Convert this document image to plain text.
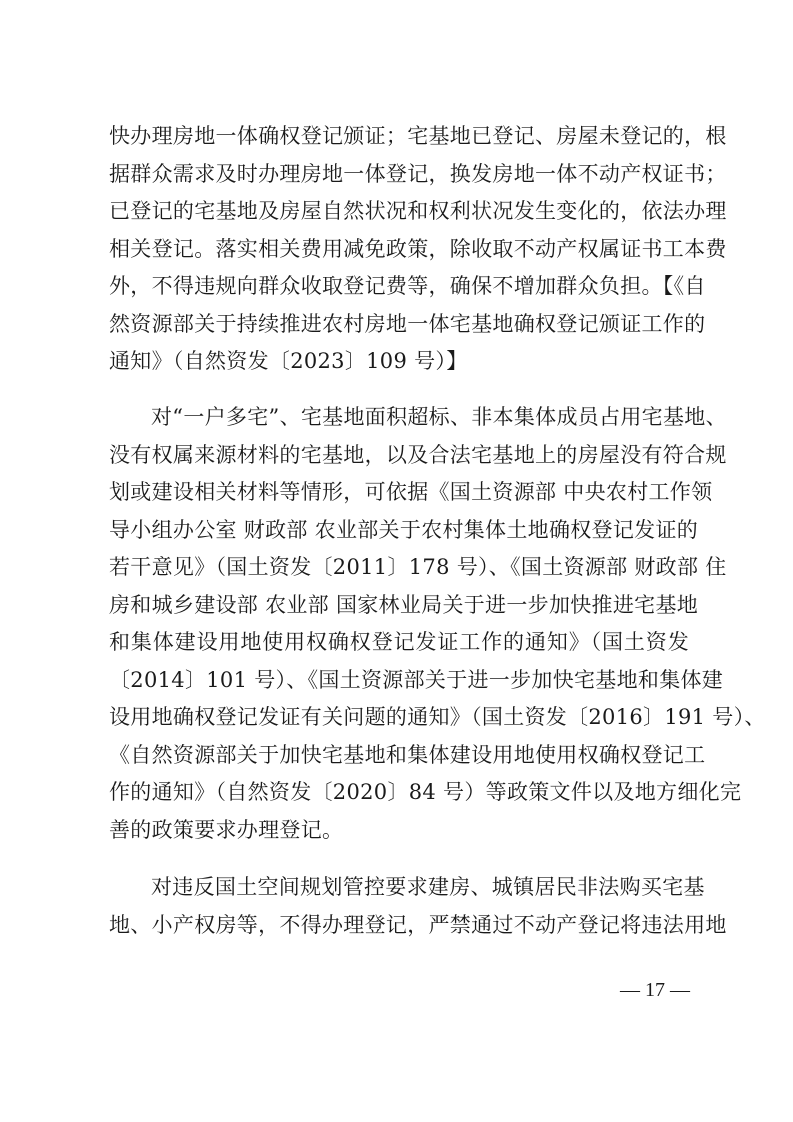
快办理房地一体确权登记颁证；宅基地已登记、房屋未登记的，根
据群众需求及时办理房地一体登记，换发房地一体不动产权证书；
已登记的宅基地及房屋自然状况和权利状况发生变化的，依法办理
相关登记。落实相关费用减免政策，除收取不动产权属证书工本费
外，不得违规向群众收取登记费等，确保不增加群众负担。【《自
然资源部关于持续推进农村房地一体宅基地确权登记颁证工作的
通知》（自然资发〔2023〕109 号）】
对“一户多宅”、宅基地面积超标、非本集体成员占用宅基地、
没有权属来源材料的宅基地，以及合法宅基地上的房屋没有符合规
划或建设相关材料等情形，可依据《国土资源部 中央农村工作领
导小组办公室 财政部 农业部关于农村集体土地确权登记发证的
若干意见》（国土资发〔2011〕178 号）、《国土资源部 财政部 住
房和城乡建设部 农业部 国家林业局关于进一步加快推进宅基地
和集体建设用地使用权确权登记发证工作的通知》（国土资发
〔2014〕101 号）、《国土资源部关于进一步加快宅基地和集体建
设用地确权登记发证有关问题的通知》（国土资发〔2016〕191 号）、
《自然资源部关于加快宅基地和集体建设用地使用权确权登记工
作的通知》（自然资发〔2020〕84 号）等政策文件以及地方细化完
善的政策要求办理登记。
对违反国土空间规划管控要求建房、城镇居民非法购买宅基
地、小产权房等，不得办理登记，严禁通过不动产登记将违法用地
— 17 —
